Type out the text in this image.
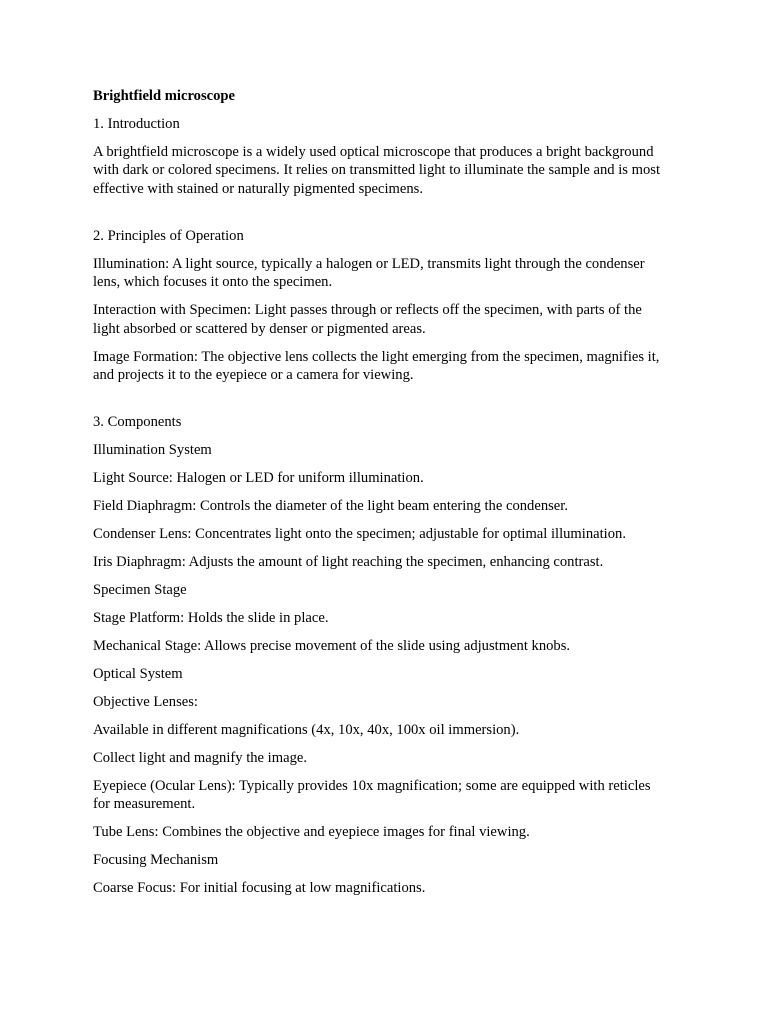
Brightfield microscope

1. Introduction

A brightfield microscope is a widely used optical microscope that produces a bright background with dark or colored specimens. It relies on transmitted light to illuminate the sample and is most effective with stained or naturally pigmented specimens.

2. Principles of Operation

Illumination: A light source, typically a halogen or LED, transmits light through the condenser lens, which focuses it onto the specimen.

Interaction with Specimen: Light passes through or reflects off the specimen, with parts of the light absorbed or scattered by denser or pigmented areas.

Image Formation: The objective lens collects the light emerging from the specimen, magnifies it, and projects it to the eyepiece or a camera for viewing.

3. Components

Illumination System

Light Source: Halogen or LED for uniform illumination.

Field Diaphragm: Controls the diameter of the light beam entering the condenser.

Condenser Lens: Concentrates light onto the specimen; adjustable for optimal illumination.

Iris Diaphragm: Adjusts the amount of light reaching the specimen, enhancing contrast.

Specimen Stage

Stage Platform: Holds the slide in place.

Mechanical Stage: Allows precise movement of the slide using adjustment knobs.

Optical System

Objective Lenses:

Available in different magnifications (4x, 10x, 40x, 100x oil immersion).

Collect light and magnify the image.

Eyepiece (Ocular Lens): Typically provides 10x magnification; some are equipped with reticles for measurement.

Tube Lens: Combines the objective and eyepiece images for final viewing.

Focusing Mechanism

Coarse Focus: For initial focusing at low magnifications.
